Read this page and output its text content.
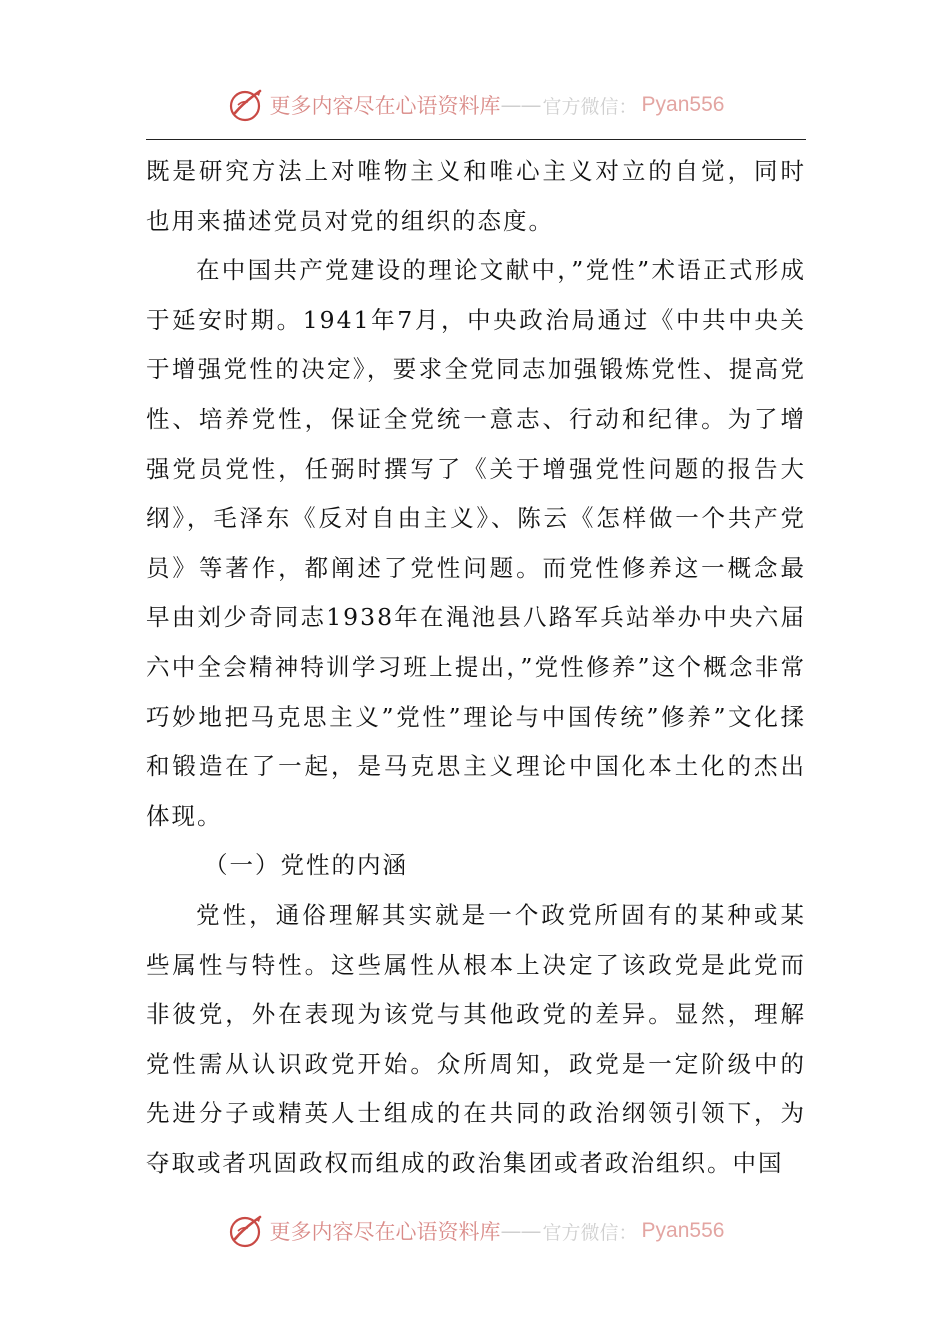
更多内容尽在心语资料库 —— 官方微信： Pyan556

既是研究方法上对唯物主义和唯心主义对立的自觉，同时也用来描述党员对党的组织的态度。

在中国共产党建设的理论文献中，”党性”术语正式形成于延安时期。1941年7月，中央政治局通过《中共中央关于增强党性的决定》，要求全党同志加强锻炼党性、提高党性、培养党性，保证全党统一意志、行动和纪律。为了增强党员党性，任弼时撰写了《关于增强党性问题的报告大纲》，毛泽东《反对自由主义》、陈云《怎样做一个共产党员》等著作，都阐述了党性问题。而党性修养这一概念最早由刘少奇同志1938年在渑池县八路军兵站举办中央六届六中全会精神特训学习班上提出，”党性修养”这个概念非常巧妙地把马克思主义”党性”理论与中国传统”修养”文化揉和锻造在了一起，是马克思主义理论中国化本土化的杰出体现。

（一）党性的内涵

党性，通俗理解其实就是一个政党所固有的某种或某些属性与特性。这些属性从根本上决定了该政党是此党而非彼党，外在表现为该党与其他政党的差异。显然，理解党性需从认识政党开始。众所周知，政党是一定阶级中的先进分子或精英人士组成的在共同的政治纲领引领下，为夺取或者巩固政权而组成的政治集团或者政治组织。中国

更多内容尽在心语资料库 —— 官方微信： Pyan556
